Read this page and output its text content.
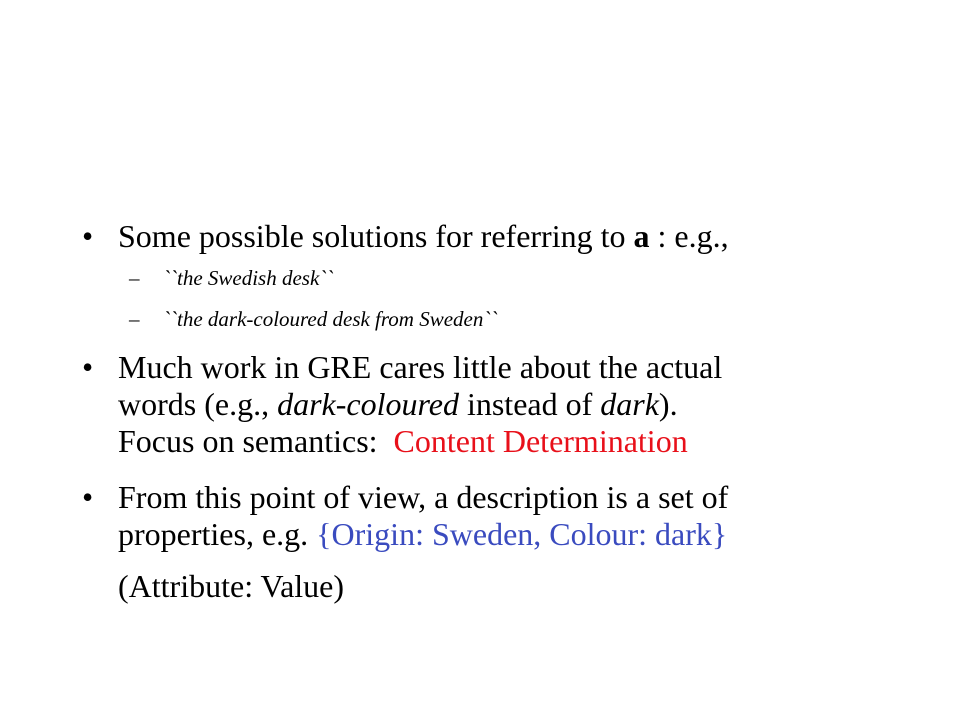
• Some possible solutions for referring to a : e.g.,
– ``the Swedish desk``
– ``the dark-coloured desk from Sweden``
• Much work in GRE cares little about the actual
words (e.g., dark-coloured instead of dark).
Focus on semantics:  Content Determination
• From this point of view, a description is a set of
properties, e.g. {Origin: Sweden, Colour: dark}
(Attribute: Value)
